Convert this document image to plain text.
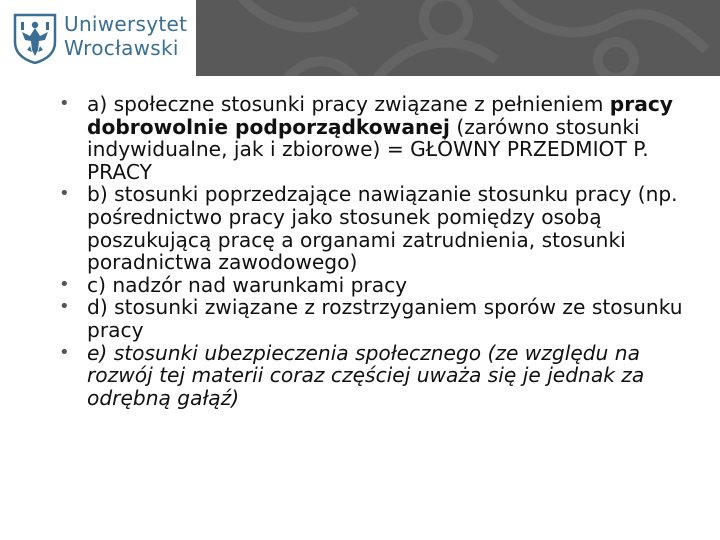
Uniwersytet
Wrocławski
• a) społeczne stosunki pracy związane z pełnieniem pracy
dobrowolnie podporządkowanej (zarówno stosunki
indywidualne, jak i zbiorowe) = GŁÓWNY PRZEDMIOT P.
PRACY
• b) stosunki poprzedzające nawiązanie stosunku pracy (np.
pośrednictwo pracy jako stosunek pomiędzy osobą
poszukującą pracę a organami zatrudnienia, stosunki
poradnictwa zawodowego)
• c) nadzór nad warunkami pracy
• d) stosunki związane z rozstrzyganiem sporów ze stosunku
pracy
• e) stosunki ubezpieczenia społecznego (ze względu na
rozwój tej materii coraz częściej uważa się je jednak za
odrębną gałąź)
